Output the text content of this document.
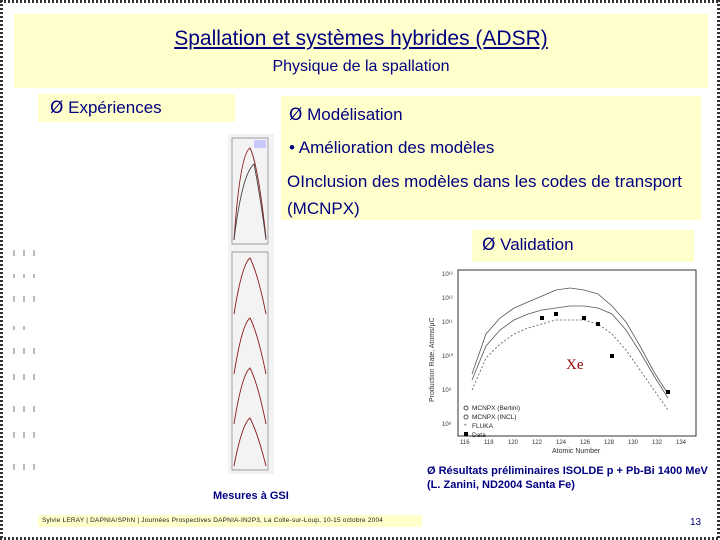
Spallation et systèmes hybrides (ADSR)
Physique de la spallation
Ø Expériences	Ø Modélisation
• Amélioration des modèles
OInclusion des modèles dans les codes de transport (MCNPX)
Ø Validation
Production Rate, Atoms/μC
Atomic Number
10¹³
10¹²
10¹¹
10¹⁰
10⁹
10⁸
116 118 120 122 124 126 128 130 132 134
MCNPX (Bertini)
MCNPX (INCL)
* FLUKA
Data
Xe
Ø Résultats préliminaires ISOLDE p + Pb-Bi 1400 MeV (L. Zanini, ND2004 Santa Fe)
Mesures à GSI
Sylvie LERAY | DAPNIA/SPhN | Journées Prospectives DAPNIA-IN2P3, La Colle-sur-Loup, 10-15 octobre 2004	13
